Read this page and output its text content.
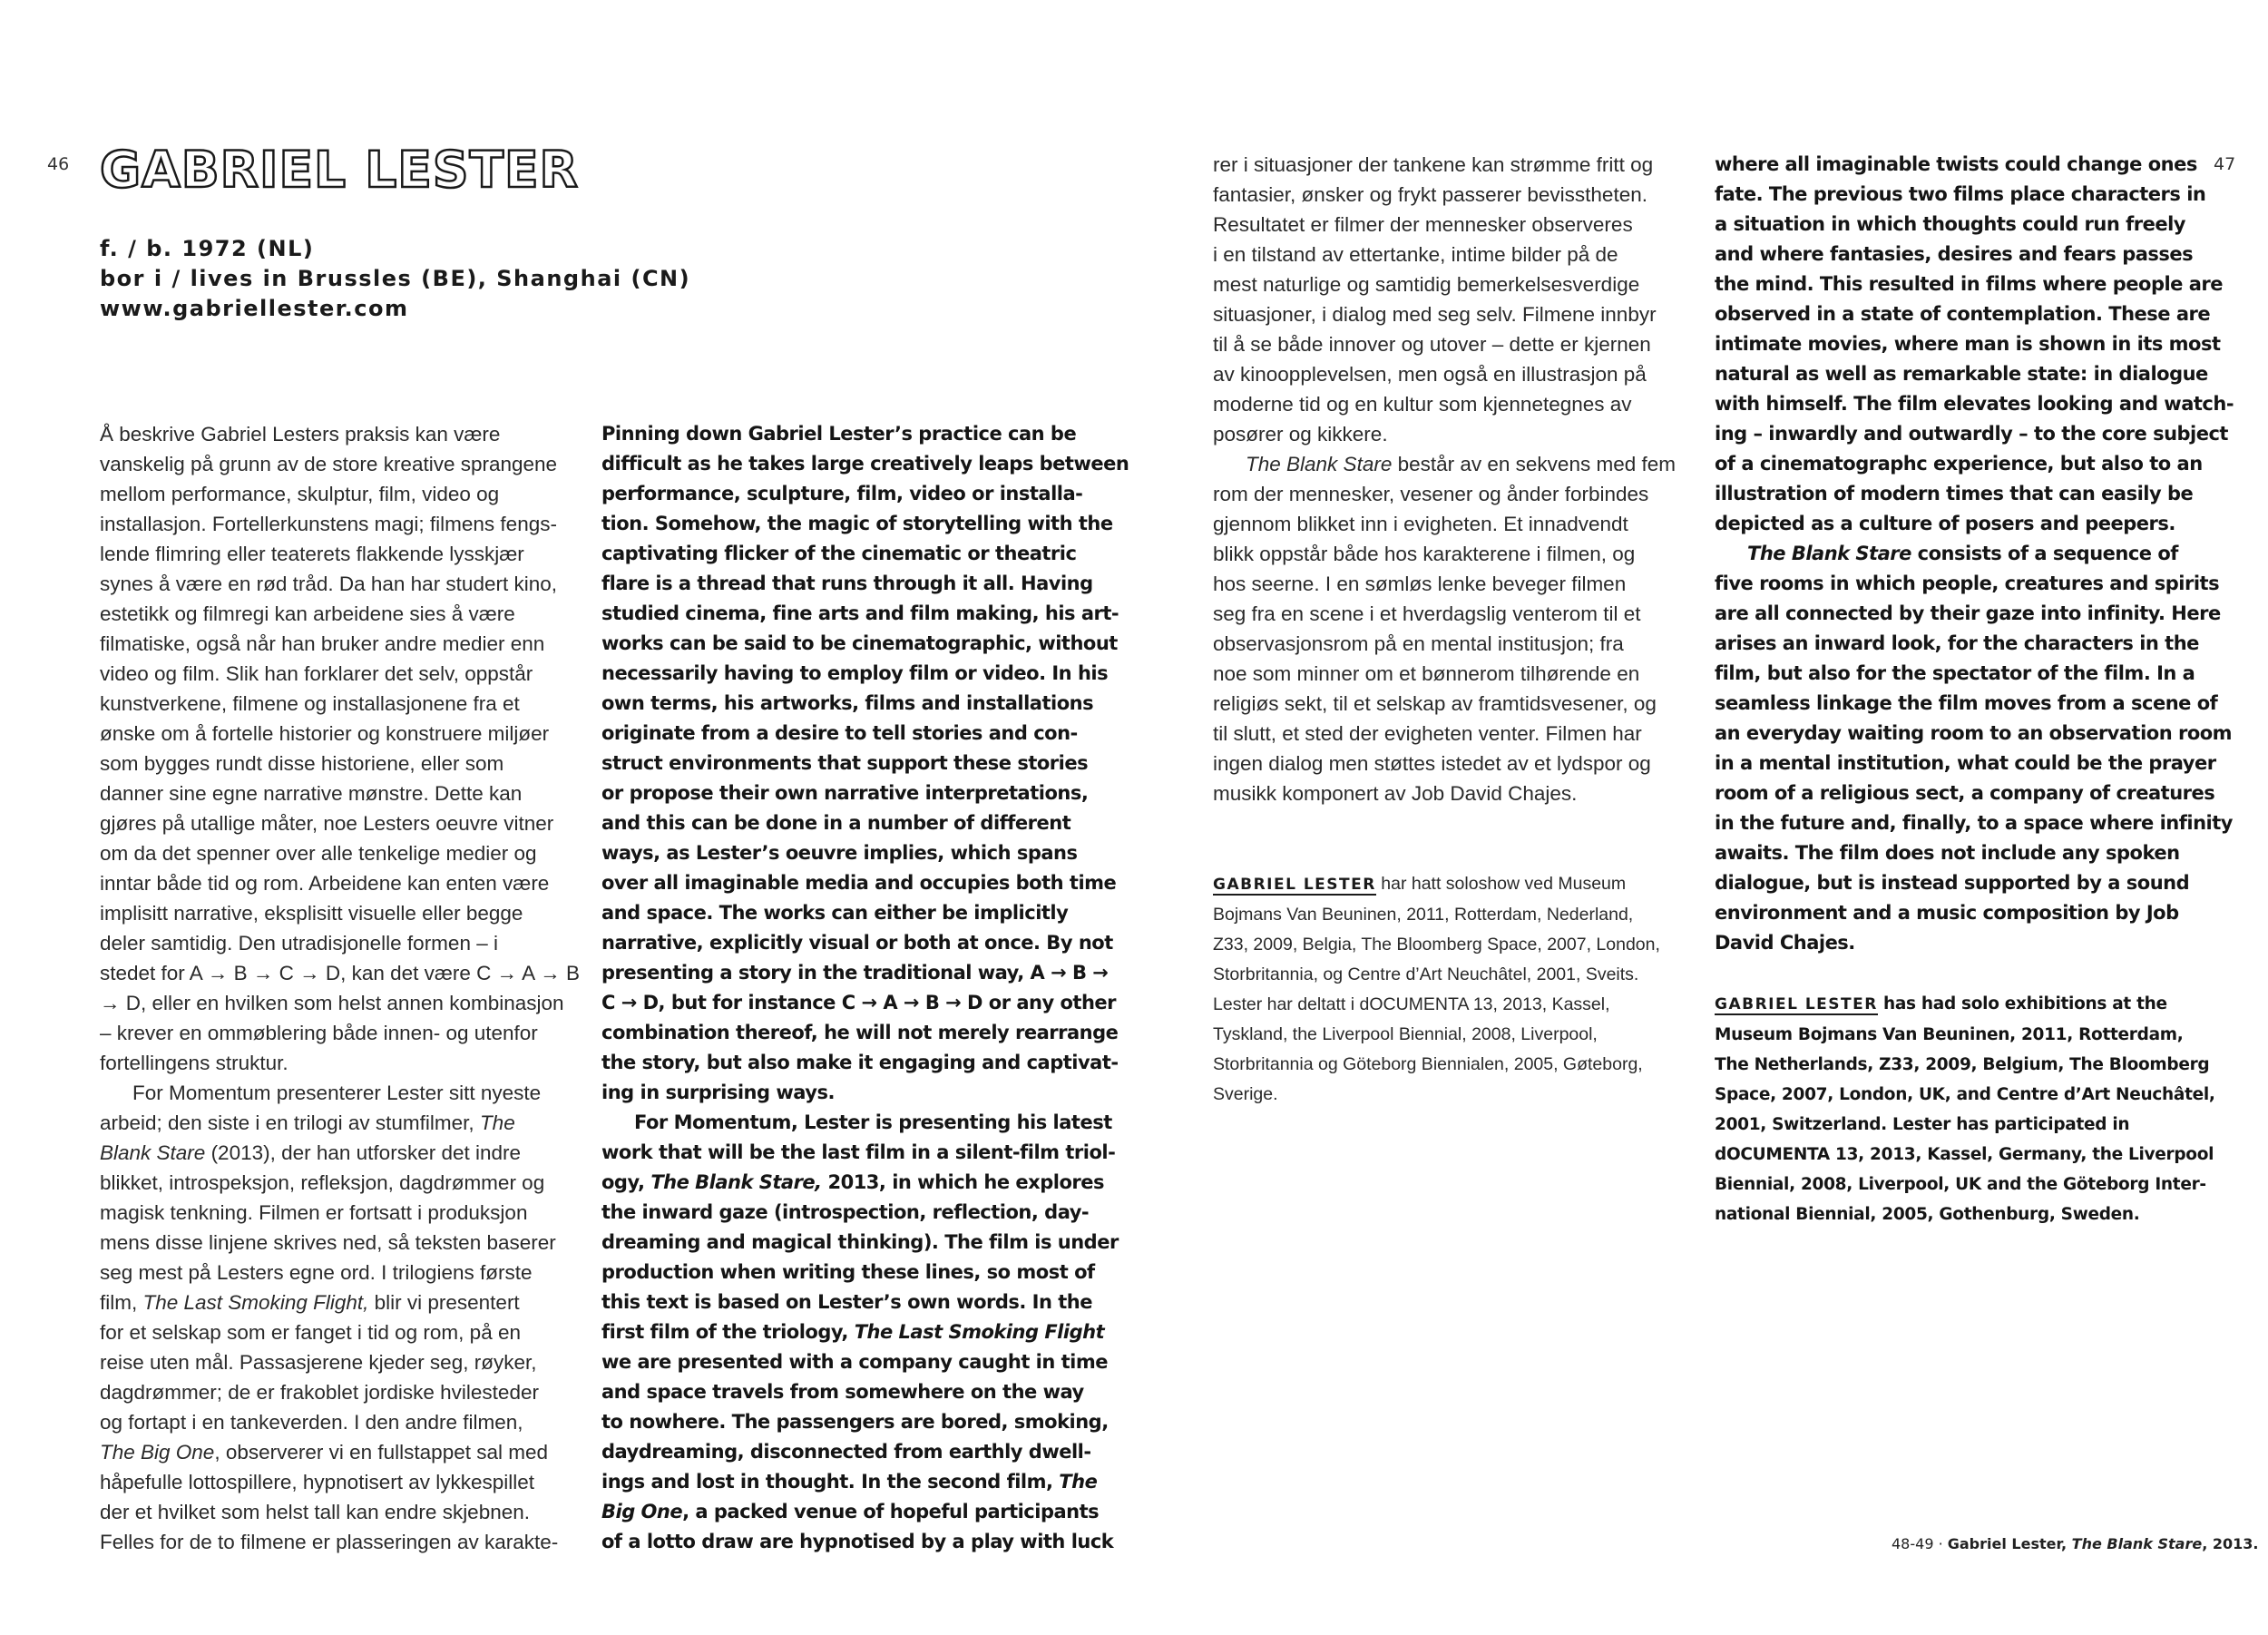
46	47
GABRIEL LESTER
f. / b. 1972 (NL)
bor i / lives in Brussles (BE), Shanghai (CN)
www.gabriellester.com
Å beskrive Gabriel Lesters praksis kan være
vanskelig på grunn av de store kreative sprangene
mellom performance, skulptur, film, video og
installasjon. Fortellerkunstens magi; filmens fengs-
lende flimring eller teaterets flakkende lysskjær
synes å være en rød tråd. Da han har studert kino,
estetikk og filmregi kan arbeidene sies å være
filmatiske, også når han bruker andre medier enn
video og film. Slik han forklarer det selv, oppstår
kunstverkene, filmene og installasjonene fra et
ønske om å fortelle historier og konstruere miljøer
som bygges rundt disse historiene, eller som
danner sine egne narrative mønstre. Dette kan
gjøres på utallige måter, noe Lesters oeuvre vitner
om da det spenner over alle tenkelige medier og
inntar både tid og rom. Arbeidene kan enten være
implisitt narrative, eksplisitt visuelle eller begge
deler samtidig. Den utradisjonelle formen – i
stedet for A → B → C → D, kan det være C → A → B
→ D, eller en hvilken som helst annen kombinasjon
– krever en ommøblering både innen- og utenfor
fortellingens struktur.
For Momentum presenterer Lester sitt nyeste
arbeid; den siste i en trilogi av stumfilmer, The
Blank Stare (2013), der han utforsker det indre
blikket, introspeksjon, refleksjon, dagdrømmer og
magisk tenkning. Filmen er fortsatt i produksjon
mens disse linjene skrives ned, så teksten baserer
seg mest på Lesters egne ord. I trilogiens første
film, The Last Smoking Flight, blir vi presentert
for et selskap som er fanget i tid og rom, på en
reise uten mål. Passasjerene kjeder seg, røyker,
dagdrømmer; de er frakoblet jordiske hvilesteder
og fortapt i en tankeverden. I den andre filmen,
The Big One, observerer vi en fullstappet sal med
håpefulle lottospillere, hypnotisert av lykkespillet
der et hvilket som helst tall kan endre skjebnen.
Felles for de to filmene er plasseringen av karakte-
Pinning down Gabriel Lester’s practice can be
difficult as he takes large creatively leaps between
performance, sculpture, film, video or installa-
tion. Somehow, the magic of storytelling with the
captivating flicker of the cinematic or theatric
flare is a thread that runs through it all. Having
studied cinema, fine arts and film making, his art-
works can be said to be cinematographic, without
necessarily having to employ film or video. In his
own terms, his artworks, films and installations
originate from a desire to tell stories and con-
struct environments that support these stories
or propose their own narrative interpretations,
and this can be done in a number of different
ways, as Lester’s oeuvre implies, which spans
over all imaginable media and occupies both time
and space. The works can either be implicitly
narrative, explicitly visual or both at once. By not
presenting a story in the traditional way, A → B →
C → D, but for instance C → A → B → D or any other
combination thereof, he will not merely rearrange
the story, but also make it engaging and captivat-
ing in surprising ways.
For Momentum, Lester is presenting his latest
work that will be the last film in a silent-film triol-
ogy, The Blank Stare, 2013, in which he explores
the inward gaze (introspection, reflection, day-
dreaming and magical thinking). The film is under
production when writing these lines, so most of
this text is based on Lester’s own words. In the
first film of the triology, The Last Smoking Flight
we are presented with a company caught in time
and space travels from somewhere on the way
to nowhere. The passengers are bored, smoking,
daydreaming, disconnected from earthly dwell-
ings and lost in thought. In the second film, The
Big One, a packed venue of hopeful participants
of a lotto draw are hypnotised by a play with luck
rer i situasjoner der tankene kan strømme fritt og
fantasier, ønsker og frykt passerer bevisstheten.
Resultatet er filmer der mennesker observeres
i en tilstand av ettertanke, intime bilder på de
mest naturlige og samtidig bemerkelsesverdige
situasjoner, i dialog med seg selv. Filmene innbyr
til å se både innover og utover – dette er kjernen
av kinoopplevelsen, men også en illustrasjon på
moderne tid og en kultur som kjennetegnes av
posører og kikkere.
The Blank Stare består av en sekvens med fem
rom der mennesker, vesener og ånder forbindes
gjennom blikket inn i evigheten. Et innadvendt
blikk oppstår både hos karakterene i filmen, og
hos seerne. I en sømløs lenke beveger filmen
seg fra en scene i et hverdagslig venterom til et
observasjonsrom på en mental institusjon; fra
noe som minner om et bønnerom tilhørende en
religiøs sekt, til et selskap av framtidsvesener, og
til slutt, et sted der evigheten venter. Filmen har
ingen dialog men støttes istedet av et lydspor og
musikk komponert av Job David Chajes.
where all imaginable twists could change ones
fate. The previous two films place characters in
a situation in which thoughts could run freely
and where fantasies, desires and fears passes
the mind. This resulted in films where people are
observed in a state of contemplation. These are
intimate movies, where man is shown in its most
natural as well as remarkable state: in dialogue
with himself. The film elevates looking and watch-
ing – inwardly and outwardly – to the core subject
of a cinematographc experience, but also to an
illustration of modern times that can easily be
depicted as a culture of posers and peepers.
The Blank Stare consists of a sequence of
five rooms in which people, creatures and spirits
are all connected by their gaze into infinity. Here
arises an inward look, for the characters in the
film, but also for the spectator of the film. In a
seamless linkage the film moves from a scene of
an everyday waiting room to an observation room
in a mental institution, what could be the prayer
room of a religious sect, a company of creatures
in the future and, finally, to a space where infinity
awaits. The film does not include any spoken
dialogue, but is instead supported by a sound
environment and a music composition by Job
David Chajes.
GABRIEL LESTER har hatt soloshow ved Museum
Bojmans Van Beuninen, 2011, Rotterdam, Nederland,
Z33, 2009, Belgia, The Bloomberg Space, 2007, London,
Storbritannia, og Centre d’Art Neuchâtel, 2001, Sveits.
Lester har deltatt i dOCUMENTA 13, 2013, Kassel,
Tyskland, the Liverpool Biennial, 2008, Liverpool,
Storbritannia og Göteborg Biennialen, 2005, Gøteborg,
Sverige.
GABRIEL LESTER has had solo exhibitions at the
Museum Bojmans Van Beuninen, 2011, Rotterdam,
The Netherlands, Z33, 2009, Belgium, The Bloomberg
Space, 2007, London, UK, and Centre d’Art Neuchâtel,
2001, Switzerland. Lester has participated in
dOCUMENTA 13, 2013, Kassel, Germany, the Liverpool
Biennial, 2008, Liverpool, UK and the Göteborg Inter-
national Biennial, 2005, Gothenburg, Sweden.
48-49 · Gabriel Lester, The Blank Stare, 2013.
